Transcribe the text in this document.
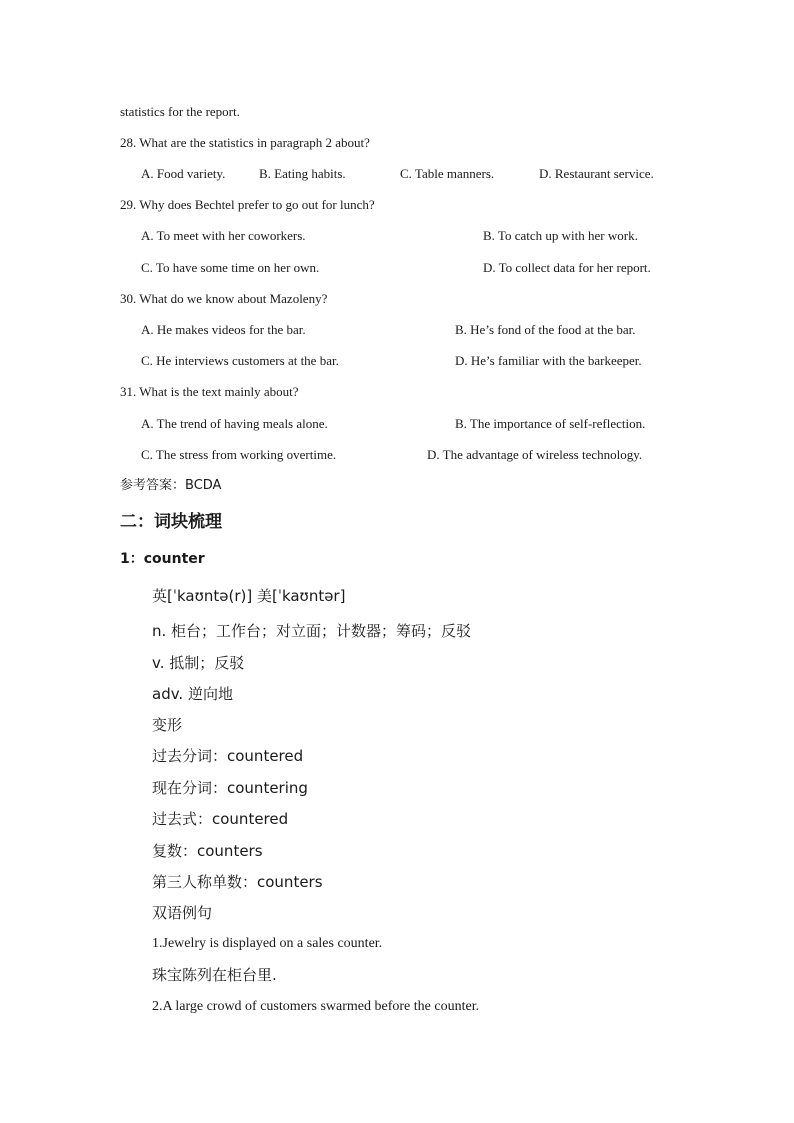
statistics for the report.
28. What are the statistics in paragraph 2 about?
A. Food variety.	B. Eating habits.	C. Table manners.	D. Restaurant service.
29. Why does Bechtel prefer to go out for lunch?
A. To meet with her coworkers.	B. To catch up with her work.
C. To have some time on her own.	D. To collect data for her report.
30. What do we know about Mazoleny?
A. He makes videos for the bar.	B. He’s fond of the food at the bar.
C. He interviews customers at the bar.	D. He’s familiar with the barkeeper.
31. What is the text mainly about?
A. The trend of having meals alone.	B. The importance of self-reflection.
C. The stress from working overtime.	D. The advantage of wireless technology.
参考答案：BCDA
二：词块梳理
1：counter
英[ˈkaʊntə(r)] 美[ˈkaʊntər]
n. 柜台；工作台；对立面；计数器；筹码；反驳
v. 抵制；反驳
adv. 逆向地
变形
过去分词：countered
现在分词：countering
过去式：countered
复数：counters
第三人称单数：counters
双语例句
1.Jewelry is displayed on a sales counter.
珠宝陈列在柜台里.
2.A large crowd of customers swarmed before the counter.
